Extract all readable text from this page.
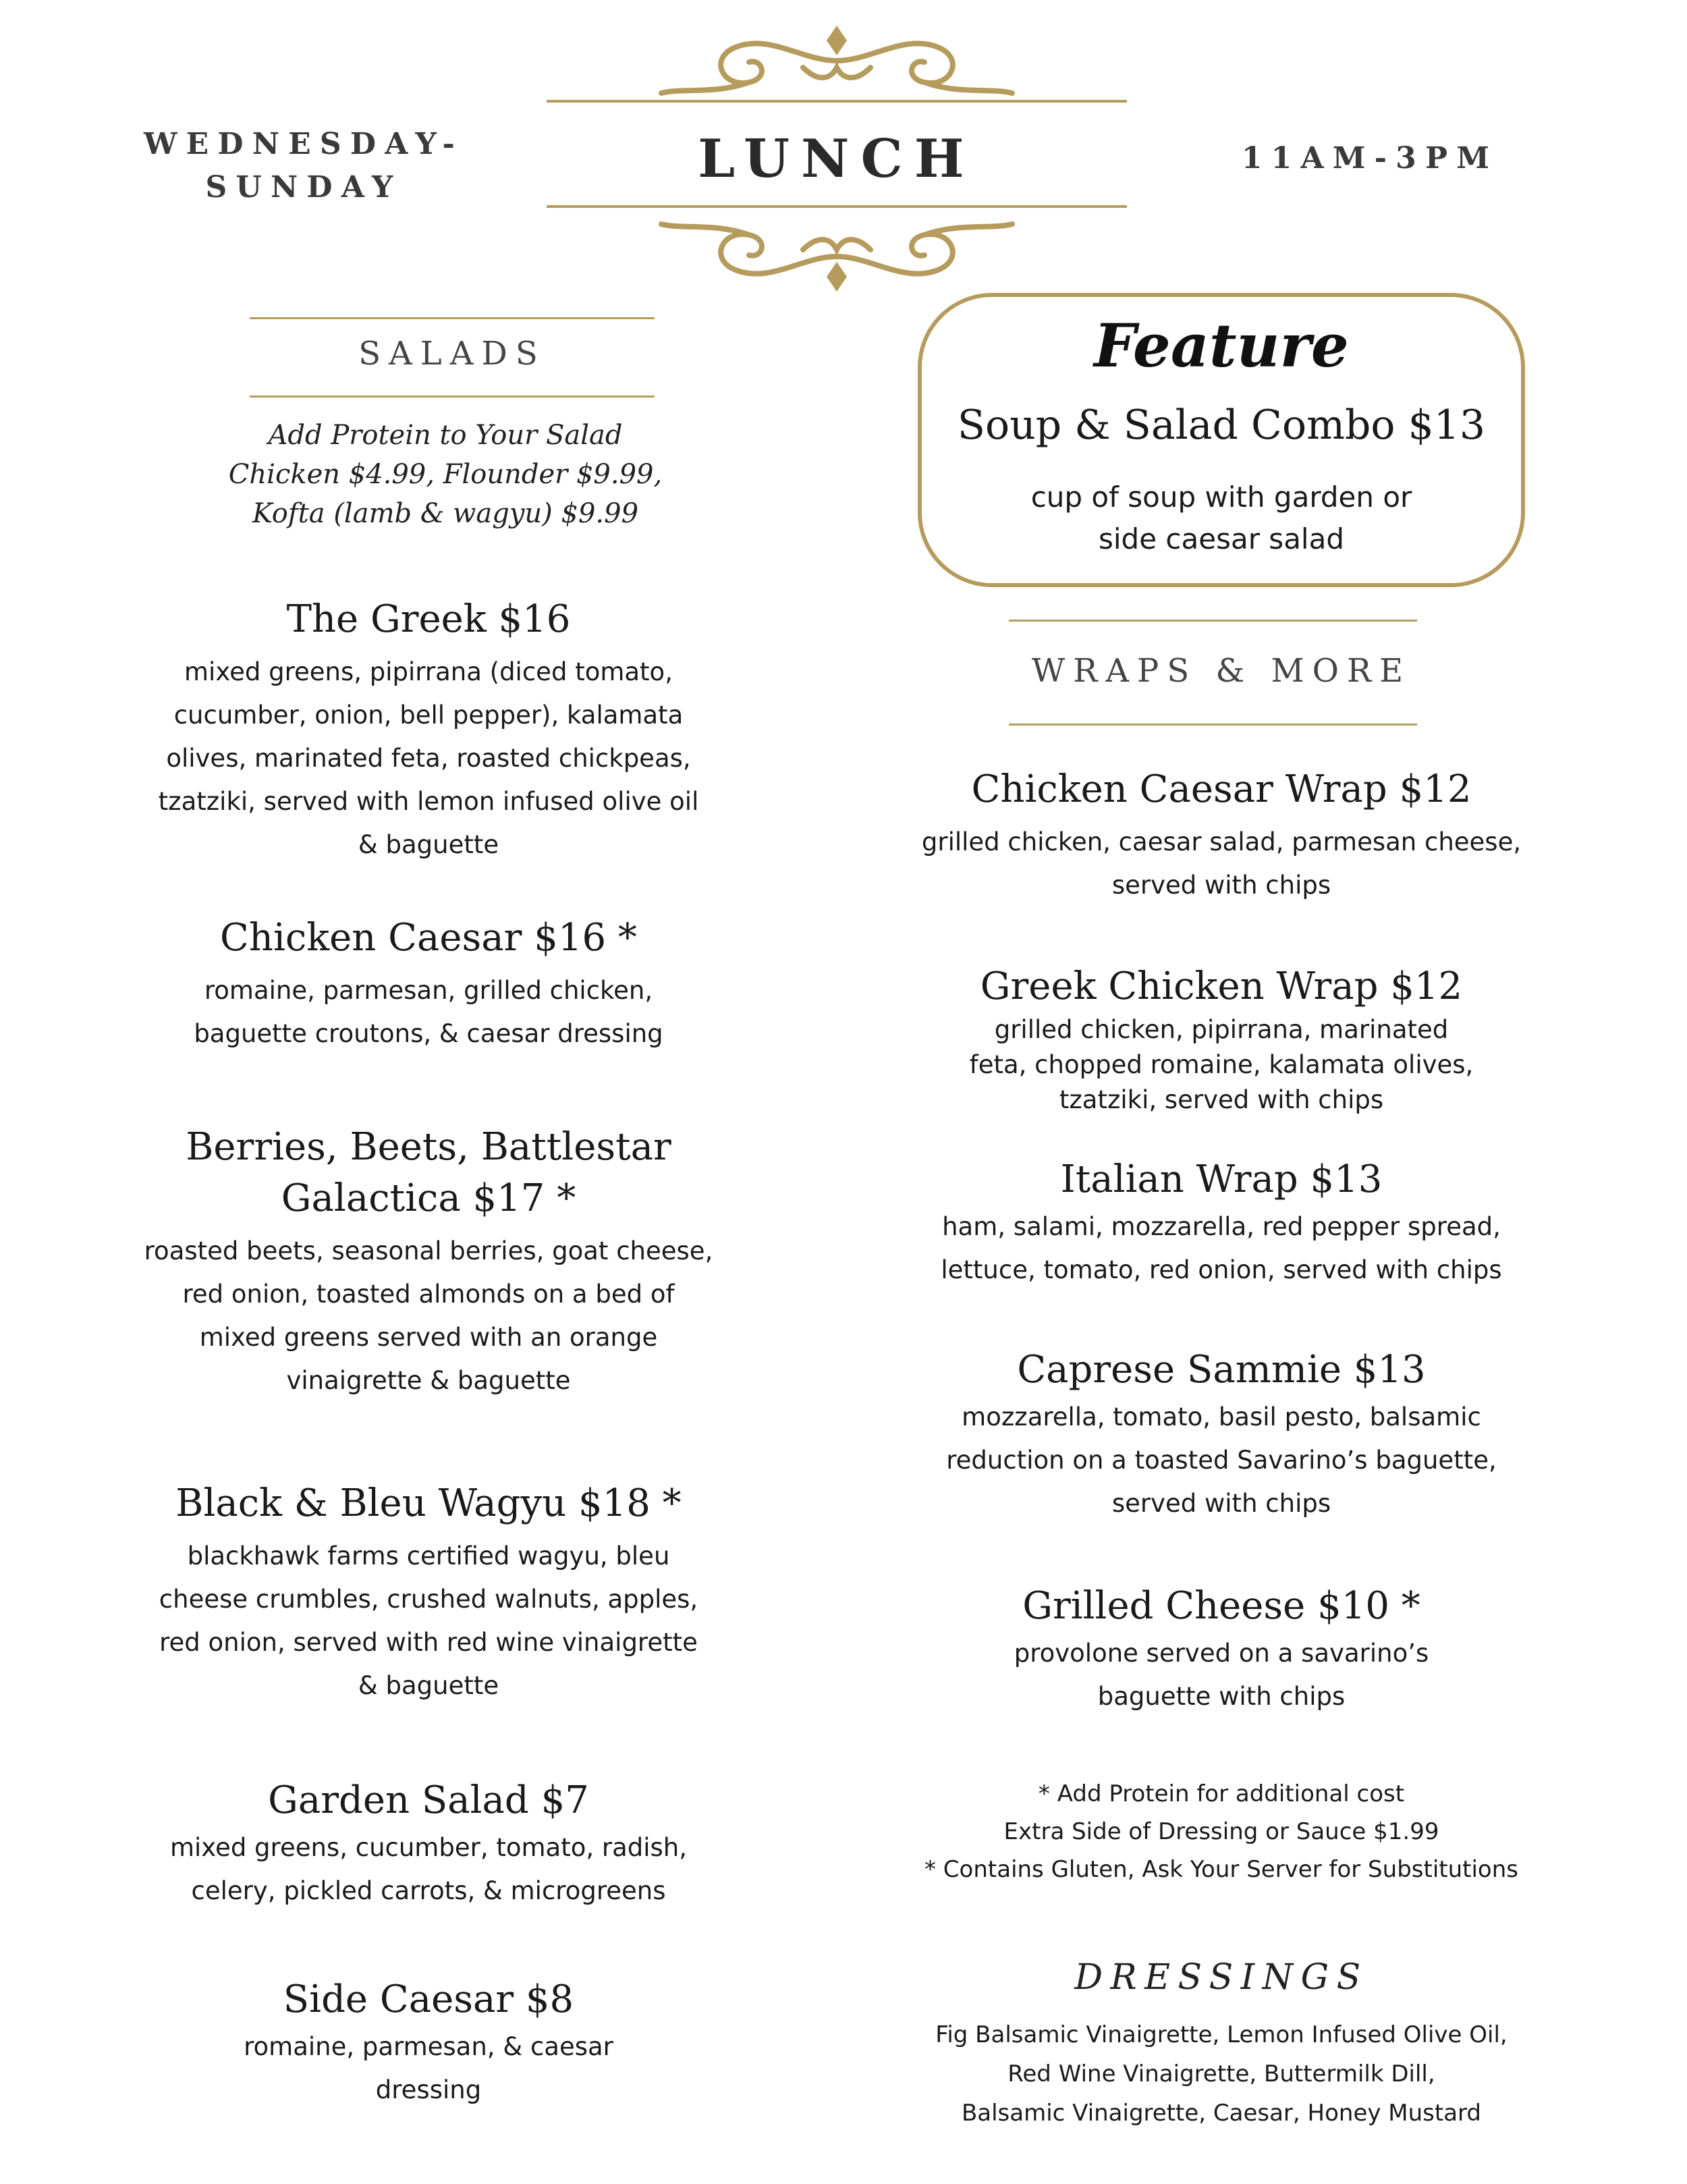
WEDNESDAY-
SUNDAY	LUNCH	11AM-3PM
SALADS
Add Protein to Your Salad
Chicken $4.99, Flounder $9.99,
Kofta (lamb & wagyu) $9.99
The Greek $16
mixed greens, pipirrana (diced tomato,
cucumber, onion, bell pepper), kalamata
olives, marinated feta, roasted chickpeas,
tzatziki, served with lemon infused olive oil
& baguette
Chicken Caesar $16 *
romaine, parmesan, grilled chicken,
baguette croutons, & caesar dressing
Berries, Beets, Battlestar
Galactica $17 *
roasted beets, seasonal berries, goat cheese,
red onion, toasted almonds on a bed of
mixed greens served with an orange
vinaigrette & baguette
Black & Bleu Wagyu $18 *
blackhawk farms certified wagyu, bleu
cheese crumbles, crushed walnuts, apples,
red onion, served with red wine vinaigrette
& baguette
Garden Salad $7
mixed greens, cucumber, tomato, radish,
celery, pickled carrots, & microgreens
Side Caesar $8
romaine, parmesan, & caesar
dressing
Feature
Soup & Salad Combo $13
cup of soup with garden or
side caesar salad
WRAPS & MORE
Chicken Caesar Wrap $12
grilled chicken, caesar salad, parmesan cheese,
served with chips
Greek Chicken Wrap $12
grilled chicken, pipirrana, marinated
feta, chopped romaine, kalamata olives,
tzatziki, served with chips
Italian Wrap $13
ham, salami, mozzarella, red pepper spread,
lettuce, tomato, red onion, served with chips
Caprese Sammie $13
mozzarella, tomato, basil pesto, balsamic
reduction on a toasted Savarino’s baguette,
served with chips
Grilled Cheese $10 *
provolone served on a savarino’s
baguette with chips
* Add Protein for additional cost
Extra Side of Dressing or Sauce $1.99
* Contains Gluten, Ask Your Server for Substitutions
DRESSINGS
Fig Balsamic Vinaigrette, Lemon Infused Olive Oil,
Red Wine Vinaigrette, Buttermilk Dill,
Balsamic Vinaigrette, Caesar, Honey Mustard
